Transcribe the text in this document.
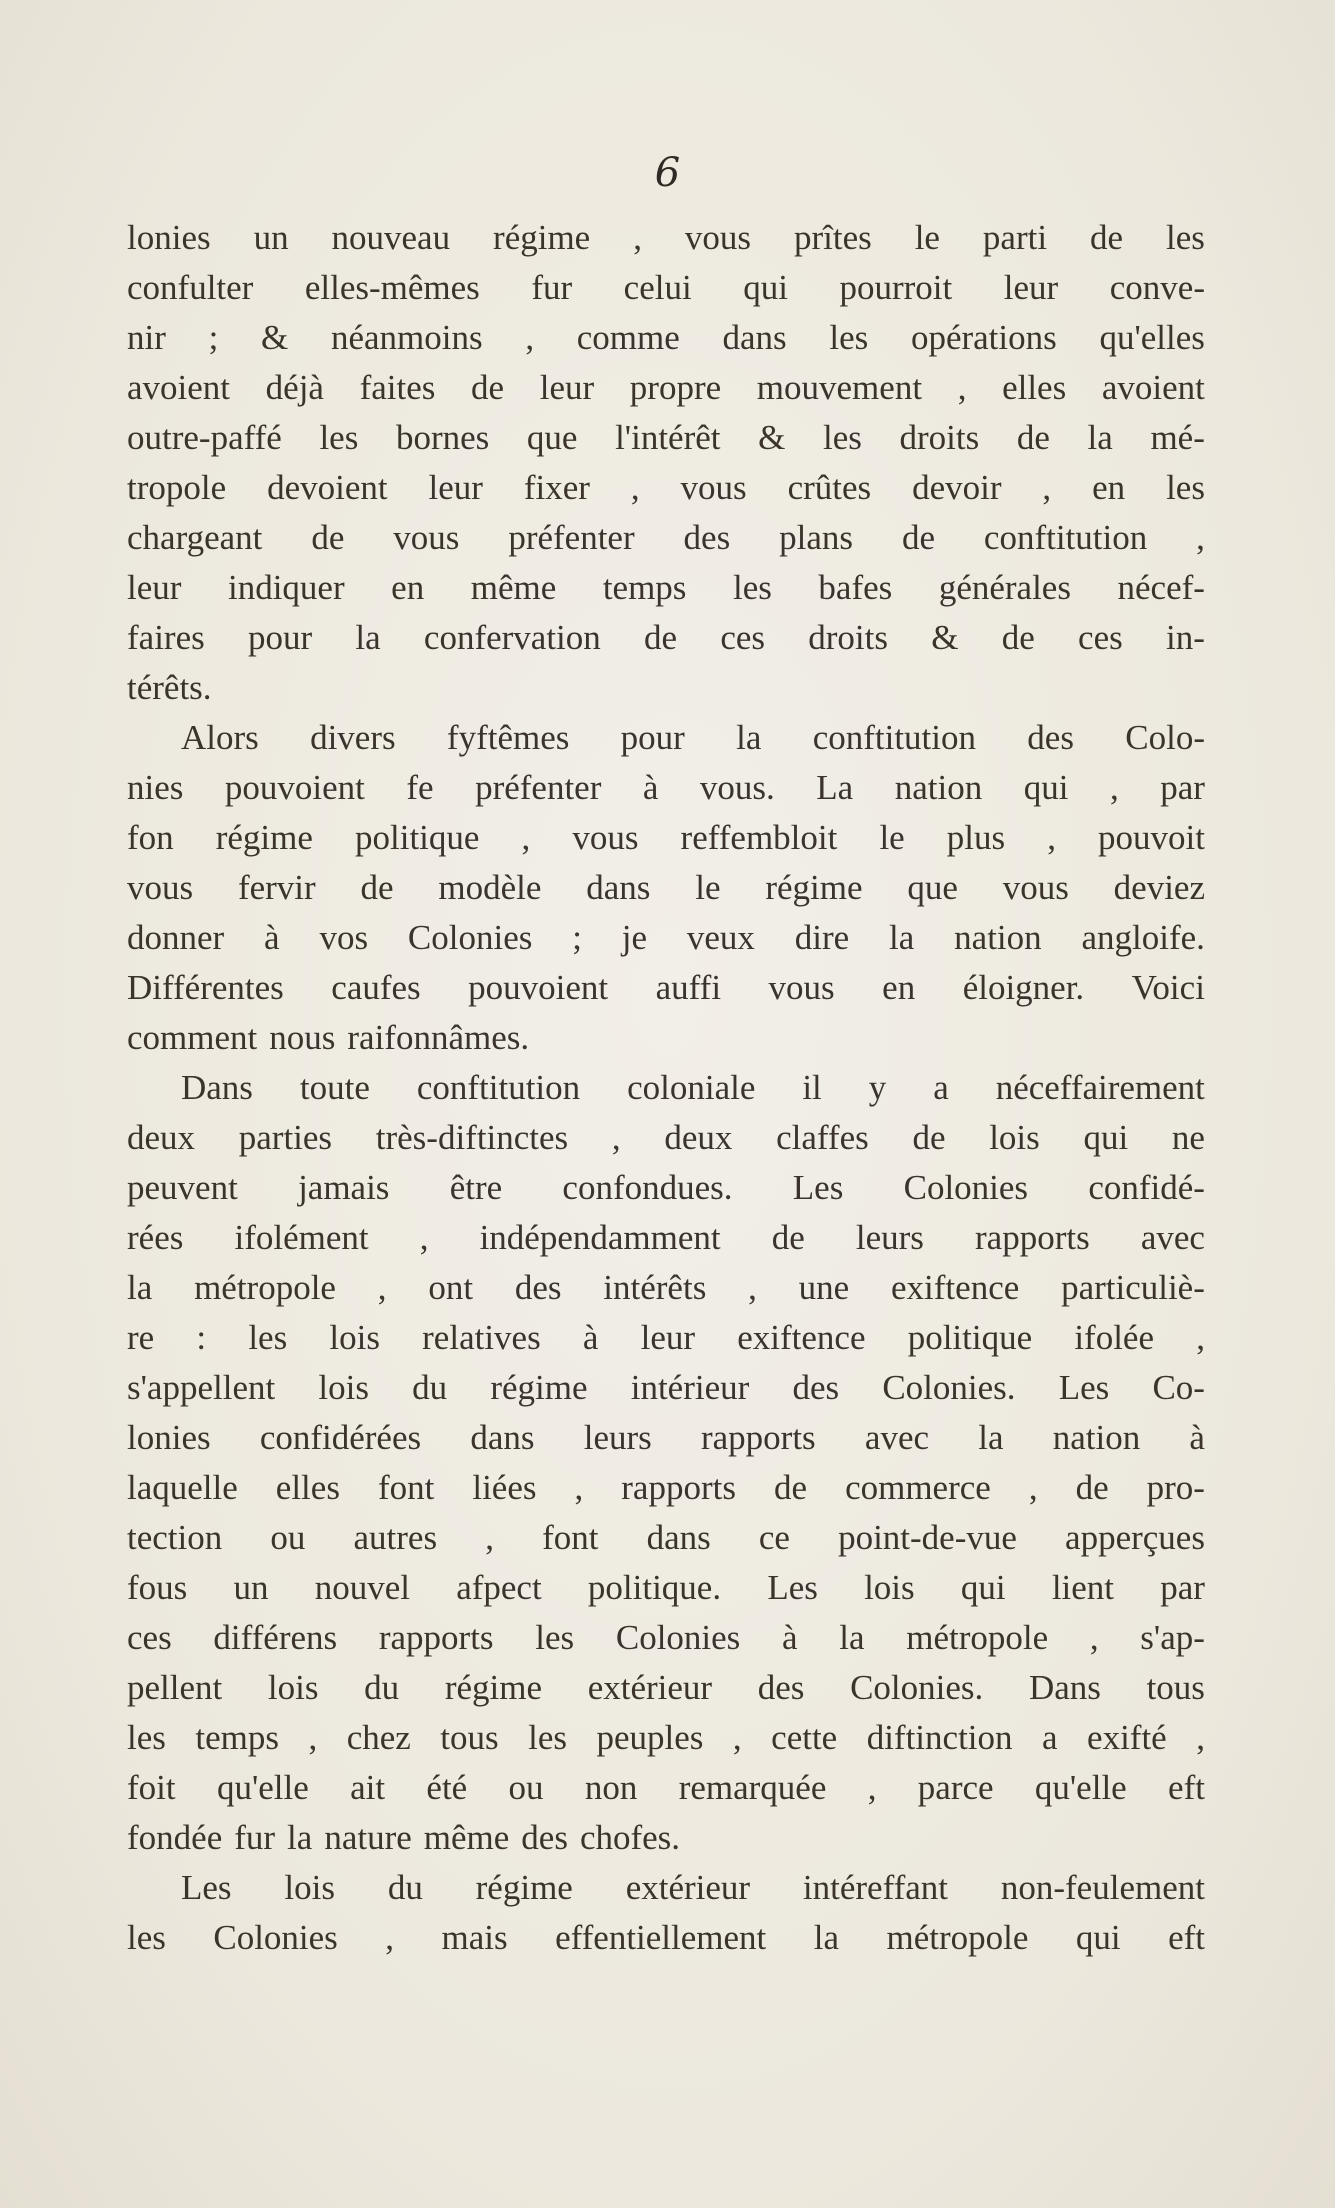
6
lonies un nouveau régime , vous prîtes le parti de les
confulter elles-mêmes fur celui qui pourroit leur conve-
nir ; & néanmoins , comme dans les opérations qu'elles
avoient déjà faites de leur propre mouvement , elles avoient
outre-paffé les bornes que l'intérêt & les droits de la mé-
tropole devoient leur fixer , vous crûtes devoir , en les
chargeant de vous préfenter des plans de conftitution ,
leur indiquer en même temps les bafes générales nécef-
faires pour la confervation de ces droits & de ces in-
térêts.
Alors divers fyftêmes pour la conftitution des Colo-
nies pouvoient fe préfenter à vous. La nation qui , par
fon régime politique , vous reffembloit le plus , pouvoit
vous fervir de modèle dans le régime que vous deviez
donner à vos Colonies ; je veux dire la nation angloife.
Différentes caufes pouvoient auffi vous en éloigner. Voici
comment nous raifonnâmes.
Dans toute conftitution coloniale il y a néceffairement
deux parties très-diftinctes , deux claffes de lois qui ne
peuvent jamais être confondues. Les Colonies confidé-
rées ifolément , indépendamment de leurs rapports avec
la métropole , ont des intérêts , une exiftence particuliè-
re : les lois relatives à leur exiftence politique ifolée ,
s'appellent lois du régime intérieur des Colonies. Les Co-
lonies confidérées dans leurs rapports avec la nation à
laquelle elles font liées , rapports de commerce , de pro-
tection ou autres , font dans ce point-de-vue apperçues
fous un nouvel afpect politique. Les lois qui lient par
ces différens rapports les Colonies à la métropole , s'ap-
pellent lois du régime extérieur des Colonies. Dans tous
les temps , chez tous les peuples , cette diftinction a exifté ,
foit qu'elle ait été ou non remarquée , parce qu'elle eft
fondée fur la nature même des chofes.
Les lois du régime extérieur intéreffant non-feulement
les Colonies , mais effentiellement la métropole qui eft
